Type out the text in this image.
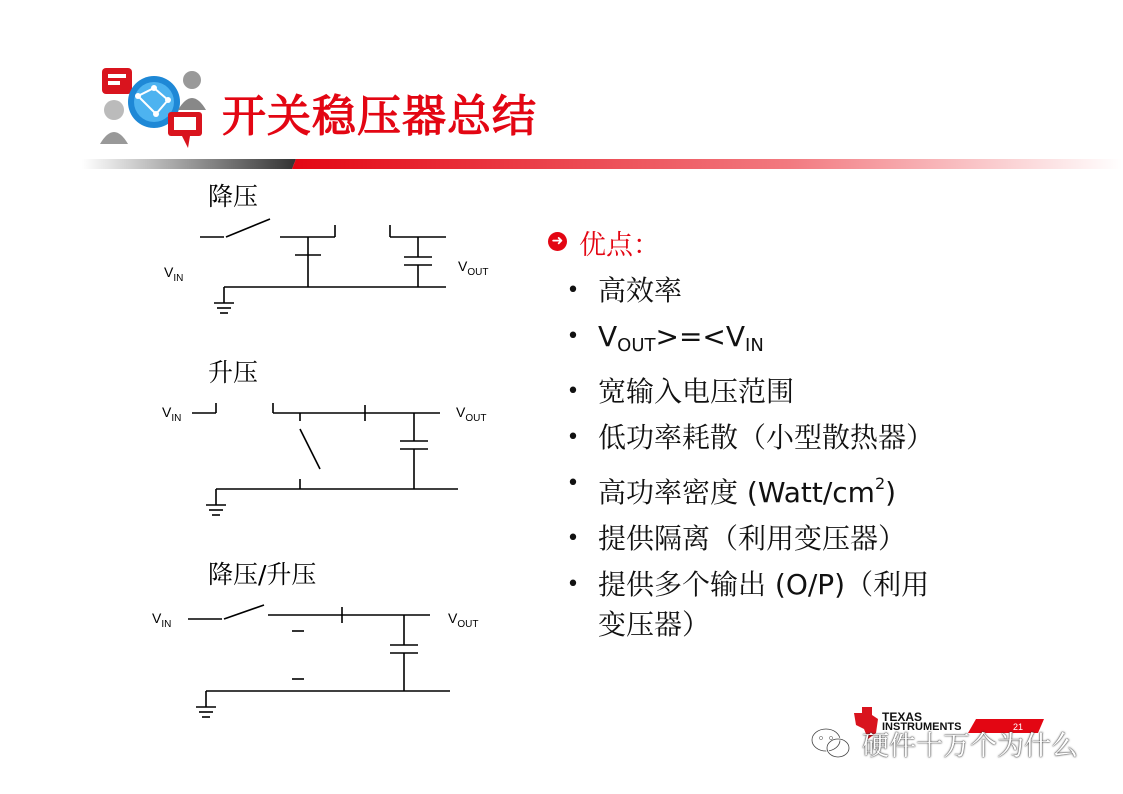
开关稳压器总结
降压
$V_{IN}$
$V_{OUT}$
升压
$V_{IN}$	$V_{OUT}$
降压/升压
$V_{IN}$	$V_{OUT}$
➜ 优点：
• 高效率
• $V_{OUT}>=<V_{IN}$
• 宽输入电压范围
• 低功率耗散（小型散热器）
• 高功率密度 $(Watt/cm^2)$
• 提供隔离（利用变压器）
• 提供多个输出 (O/P)（利用变压器）
TEXAS
INSTRUMENTS	21
硬件十万个为什么
